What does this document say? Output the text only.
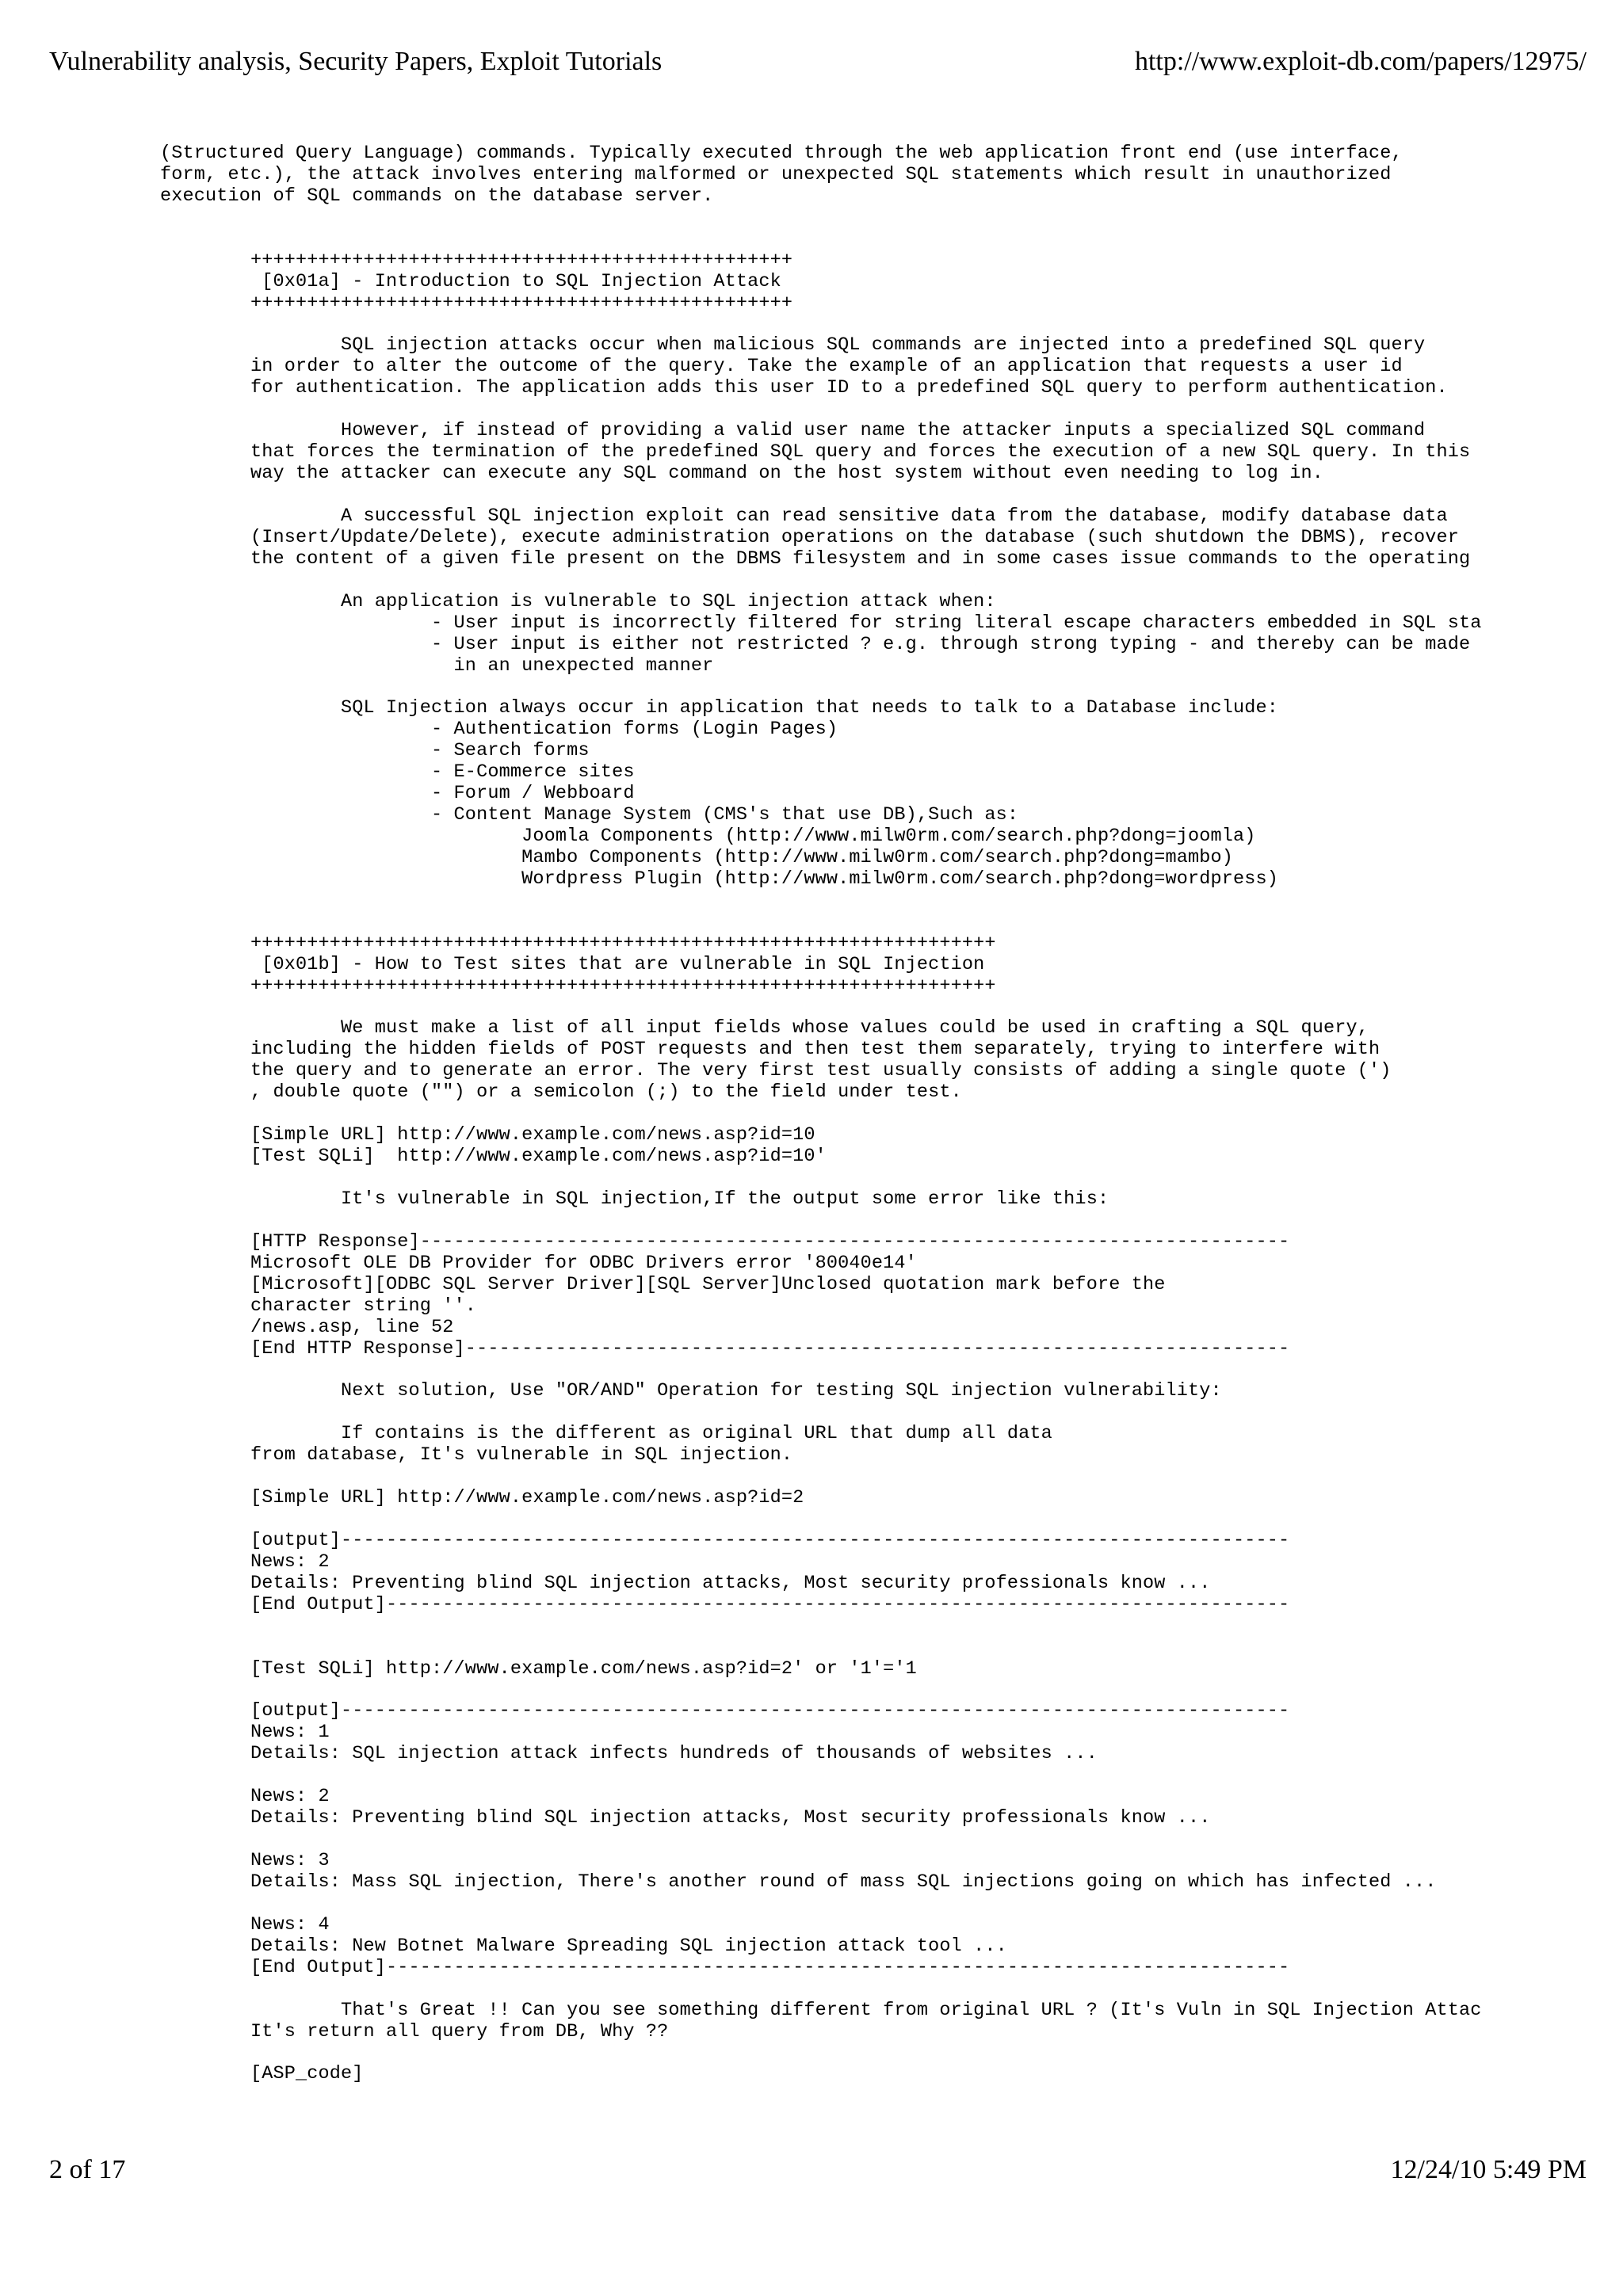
Vulnerability analysis, Security Papers, Exploit Tutorials	http://www.exploit-db.com/papers/12975/
(Structured Query Language) commands. Typically executed through the web application front end (use interface,
form, etc.), the attack involves entering malformed or unexpected SQL statements which result in unauthorized
execution of SQL commands on the database server.
++++++++++++++++++++++++++++++++++++++++++++++++
[0x01a] - Introduction to SQL Injection Attack
++++++++++++++++++++++++++++++++++++++++++++++++
SQL injection attacks occur when malicious SQL commands are injected into a predefined SQL query
in order to alter the outcome of the query. Take the example of an application that requests a user id
for authentication. The application adds this user ID to a predefined SQL query to perform authentication.
However, if instead of providing a valid user name the attacker inputs a specialized SQL command
that forces the termination of the predefined SQL query and forces the execution of a new SQL query. In this
way the attacker can execute any SQL command on the host system without even needing to log in.
A successful SQL injection exploit can read sensitive data from the database, modify database data
(Insert/Update/Delete), execute administration operations on the database (such shutdown the DBMS), recover
the content of a given file present on the DBMS filesystem and in some cases issue commands to the operating
An application is vulnerable to SQL injection attack when:
- User input is incorrectly filtered for string literal escape characters embedded in SQL sta
- User input is either not restricted ? e.g. through strong typing - and thereby can be made
in an unexpected manner
SQL Injection always occur in application that needs to talk to a Database include:
- Authentication forms (Login Pages)
- Search forms
- E-Commerce sites
- Forum / Webboard
- Content Manage System (CMS's that use DB),Such as:
Joomla Components (http://www.milw0rm.com/search.php?dong=joomla)
Mambo Components (http://www.milw0rm.com/search.php?dong=mambo)
Wordpress Plugin (http://www.milw0rm.com/search.php?dong=wordpress)
++++++++++++++++++++++++++++++++++++++++++++++++++++++++++++++++++
[0x01b] - How to Test sites that are vulnerable in SQL Injection
++++++++++++++++++++++++++++++++++++++++++++++++++++++++++++++++++
We must make a list of all input fields whose values could be used in crafting a SQL query,
including the hidden fields of POST requests and then test them separately, trying to interfere with
the query and to generate an error. The very first test usually consists of adding a single quote (')
, double quote ("") or a semicolon (;) to the field under test.
[Simple URL] http://www.example.com/news.asp?id=10
[Test SQLi]  http://www.example.com/news.asp?id=10'
It's vulnerable in SQL injection,If the output some error like this:
[HTTP Response]-----------------------------------------------------------------------------
Microsoft OLE DB Provider for ODBC Drivers error '80040e14'
[Microsoft][ODBC SQL Server Driver][SQL Server]Unclosed quotation mark before the
character string ''.
/news.asp, line 52
[End HTTP Response]-------------------------------------------------------------------------
Next solution, Use "OR/AND" Operation for testing SQL injection vulnerability:
If contains is the different as original URL that dump all data
from database, It's vulnerable in SQL injection.
[Simple URL] http://www.example.com/news.asp?id=2
[output]------------------------------------------------------------------------------------
News: 2
Details: Preventing blind SQL injection attacks, Most security professionals know ...
[End Output]--------------------------------------------------------------------------------
[Test SQLi] http://www.example.com/news.asp?id=2' or '1'='1
[output]------------------------------------------------------------------------------------
News: 1
Details: SQL injection attack infects hundreds of thousands of websites ...
News: 2
Details: Preventing blind SQL injection attacks, Most security professionals know ...
News: 3
Details: Mass SQL injection, There's another round of mass SQL injections going on which has infected ...
News: 4
Details: New Botnet Malware Spreading SQL injection attack tool ...
[End Output]--------------------------------------------------------------------------------
That's Great !! Can you see something different from original URL ? (It's Vuln in SQL Injection Attac
It's return all query from DB, Why ??
[ASP_code]
2 of 17	12/24/10 5:49 PM
